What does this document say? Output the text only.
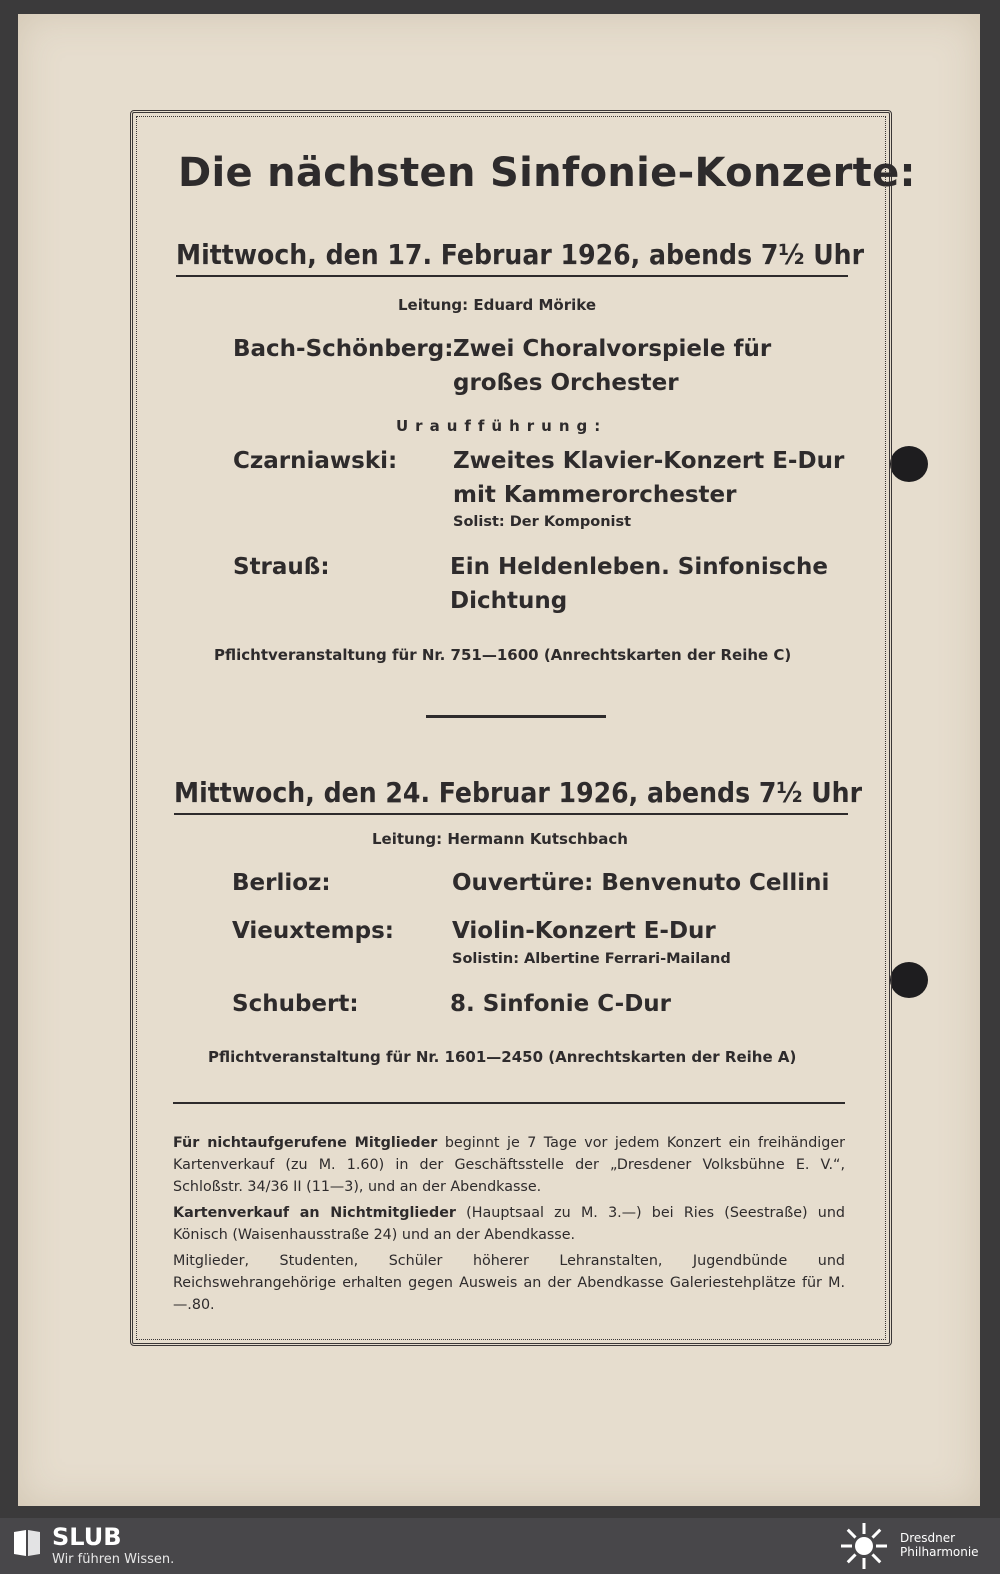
Die nächsten Sinfonie-Konzerte:
Mittwoch, den 17. Februar 1926, abends 7½ Uhr
Leitung: Eduard Mörike
Bach-Schönberg: Zwei Choralvorspiele für
großes Orchester
Uraufführung:
Czarniawski: Zweites Klavier-Konzert E-Dur
mit Kammerorchester
Solist: Der Komponist
Strauß:	Ein Heldenleben. Sinfonische
Dichtung
Pflichtveranstaltung für Nr. 751—1600 (Anrechtskarten der Reihe C)
Mittwoch, den 24. Februar 1926, abends 7½ Uhr
Leitung: Hermann Kutschbach
Berlioz:	Ouvertüre: Benvenuto Cellini
Vieuxtemps:	Violin-Konzert E-Dur
Solistin: Albertine Ferrari-Mailand
Schubert:	8. Sinfonie C-Dur
Pflichtveranstaltung für Nr. 1601—2450 (Anrechtskarten der Reihe A)
Für nichtaufgerufene Mitglieder beginnt je 7 Tage vor jedem Konzert ein freihändiger Kartenverkauf (zu M. 1.60) in der Geschäftsstelle der „Dresdener Volksbühne E. V.“, Schloßstr. 34/36 II (11—3), und an der Abendkasse.
Kartenverkauf an Nichtmitglieder (Hauptsaal zu M. 3.—) bei Ries (Seestraße) und Könisch (Waisenhausstraße 24) und an der Abendkasse.
Mitglieder, Studenten, Schüler höherer Lehranstalten, Jugendbünde und Reichswehrangehörige erhalten gegen Ausweis an der Abendkasse Galeriestehplätze für M. —.80.
SLUB
Wir führen Wissen.
Dresdner
Philharmonie
